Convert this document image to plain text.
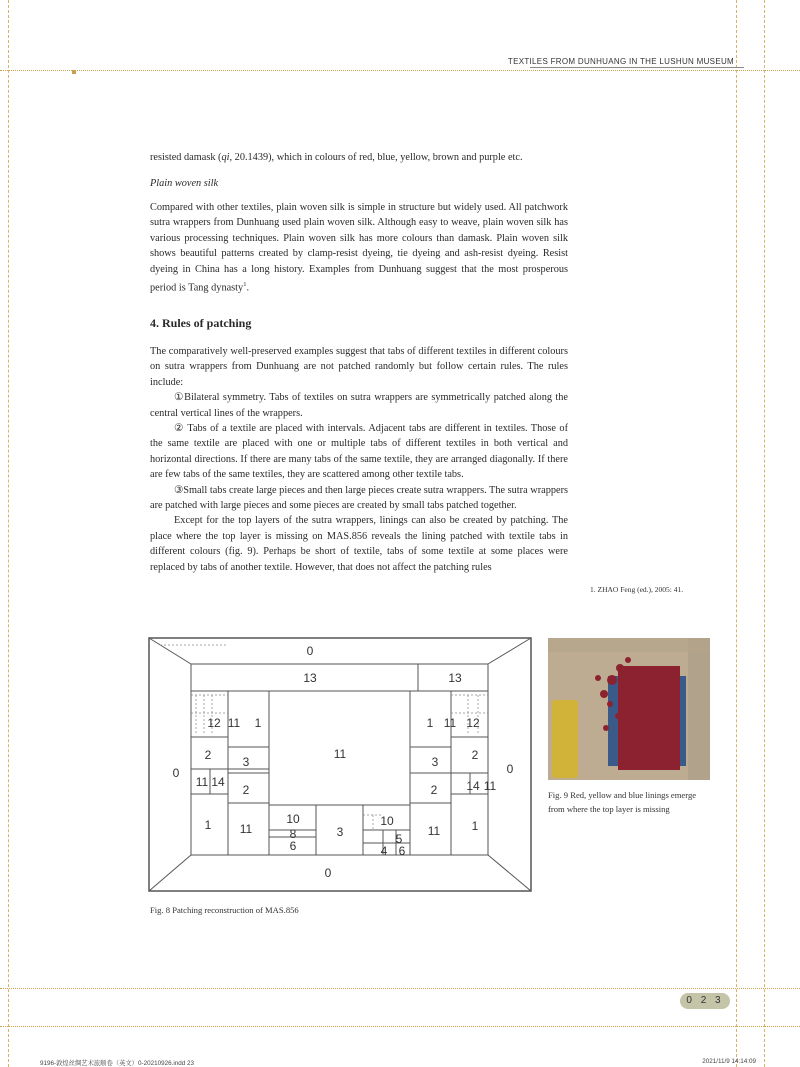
TEXTILES FROM DUNHUANG IN THE LUSHUN MUSEUM

resisted damask (qi, 20.1439), which in colours of red, blue, yellow, brown and purple etc.

Plain woven silk

Compared with other textiles, plain woven silk is simple in structure but widely used. All patchwork sutra wrappers from Dunhuang used plain woven silk. Although easy to weave, plain woven silk has various processing techniques. Plain woven silk has more colours than damask. Plain woven silk shows beautiful patterns created by clamp-resist dyeing, tie dyeing and ash-resist dyeing. Resist dyeing in China has a long history. Examples from Dunhuang suggest that the most prosperous period is Tang dynasty$^1$.

4. Rules of patching

The comparatively well-preserved examples suggest that tabs of different textiles in different colours on sutra wrappers from Dunhuang are not patched randomly but follow certain rules. The rules include:

①Bilateral symmetry. Tabs of textiles on sutra wrappers are symmetrically patched along the central vertical lines of the wrappers.

② Tabs of a textile are placed with intervals. Adjacent tabs are different in textiles. Those of the same textile are placed with one or multiple tabs of different textiles in both vertical and horizontal directions. If there are many tabs of the same textile, they are arranged diagonally. If there are few tabs of the same textiles, they are scattered among other textile tabs.

③Small tabs create large pieces and then large pieces create sutra wrappers. The sutra wrappers are patched with large pieces and some pieces are created by small tabs patched together.

Except for the top layers of the sutra wrappers, linings can also be created by patching. The place where the top layer is missing on MAS.856 reveals the lining patched with textile tabs in different colours (fig. 9). Perhaps be short of textile, tabs of some textile at some places were replaced by tabs of another textile. However, that does not affect the patching rules

1. ZHAO Feng (ed.), 2005: 41.
0
0	0
0
13	13
12 11 1	1 11 12
2	3
11
3	2
11 14
2	2 14 11
1 11
10
8
6
3
10
5
4 6
11	1
Fig. 8 Patching reconstruction of MAS.856
Fig. 9 Red, yellow and blue linings emerge from where the top layer is missing
0 2 3
9196-敦煌丝绸艺术旅顺卷（英文）0-20210926.indd 23	2021/11/9 14:14:09
